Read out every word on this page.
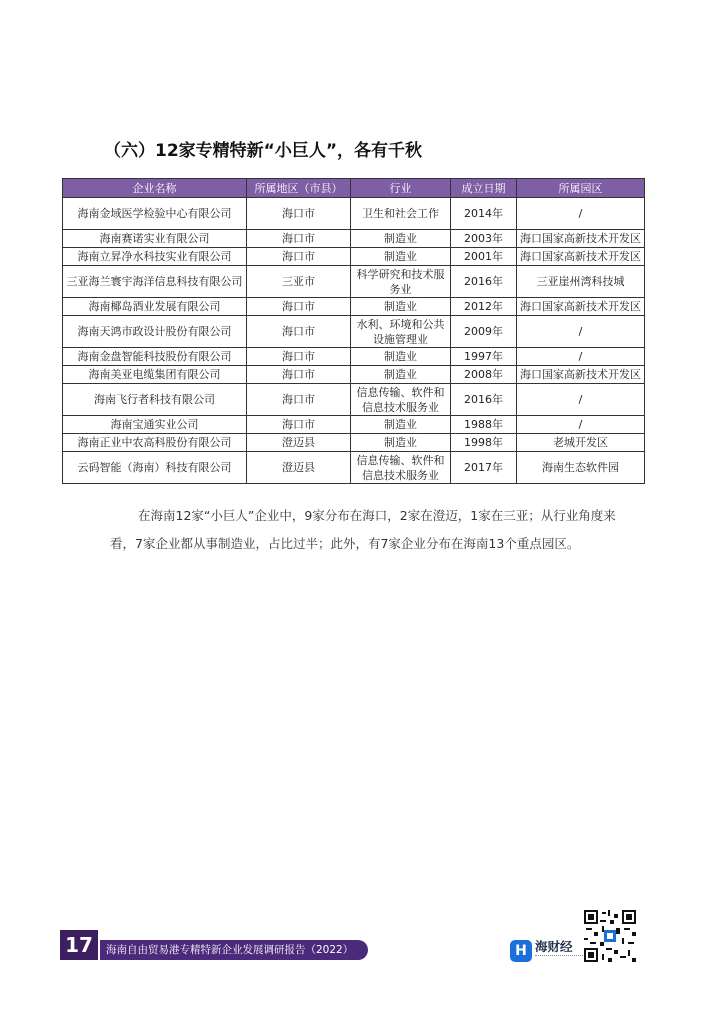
（六）12家专精特新“小巨人”，各有千秋
企业名称	所属地区（市县）	行业	成立日期	所属园区
海南金域医学检验中心有限公司	海口市	卫生和社会工作	2014年	/
海南赛诺实业有限公司	海口市	制造业	2003年	海口国家高新技术开发区
海南立昇净水科技实业有限公司	海口市	制造业	2001年	海口国家高新技术开发区
三亚海兰寰宇海洋信息科技有限公司	三亚市	科学研究和技术服务业	2016年	三亚崖州湾科技城
海南椰岛酒业发展有限公司	海口市	制造业	2012年	海口国家高新技术开发区
海南天鸿市政设计股份有限公司	海口市	水利、环境和公共设施管理业	2009年	/
海南金盘智能科技股份有限公司	海口市	制造业	1997年	/
海南美亚电缆集团有限公司	海口市	制造业	2008年	海口国家高新技术开发区
海南飞行者科技有限公司	海口市	信息传输、软件和信息技术服务业	2016年	/
海南宝通实业公司	海口市	制造业	1988年	/
海南正业中农高科股份有限公司	澄迈县	制造业	1998年	老城开发区
云码智能（海南）科技有限公司	澄迈县	信息传输、软件和信息技术服务业	2017年	海南生态软件园
在海南12家“小巨人”企业中，9家分布在海口，2家在澄迈，1家在三亚；从行业角度来看，7家企业都从事制造业，占比过半；此外，有7家企业分布在海南13个重点园区。
17	海南自由贸易港专精特新企业发展调研报告（2022）	H 海财经
